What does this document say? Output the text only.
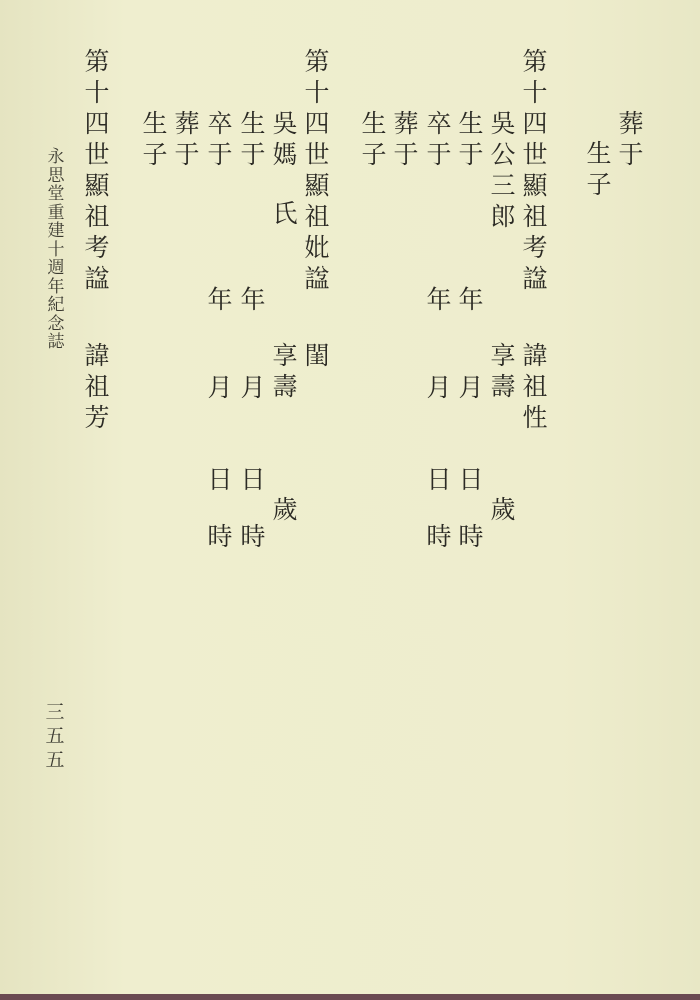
永
思
堂
重
建
十
週
年
紀
念
誌
三
五
五
葬
于
生
子
第
十
四
世
顯
祖
考
諡
諱
祖
性
吳
公
三
郎
享
壽
歲
生
于
年
月
日
時
卒
于
年
月
日
時
葬
于
生
子
第
十
四
世
顯
祖
妣
諡
閨
吳
媽
氏
享
壽
歲
生
于
年
月
日
時
卒
于
年
月
日
時
葬
于
生
子
第
十
四
世
顯
祖
考
諡
諱
祖
芳
